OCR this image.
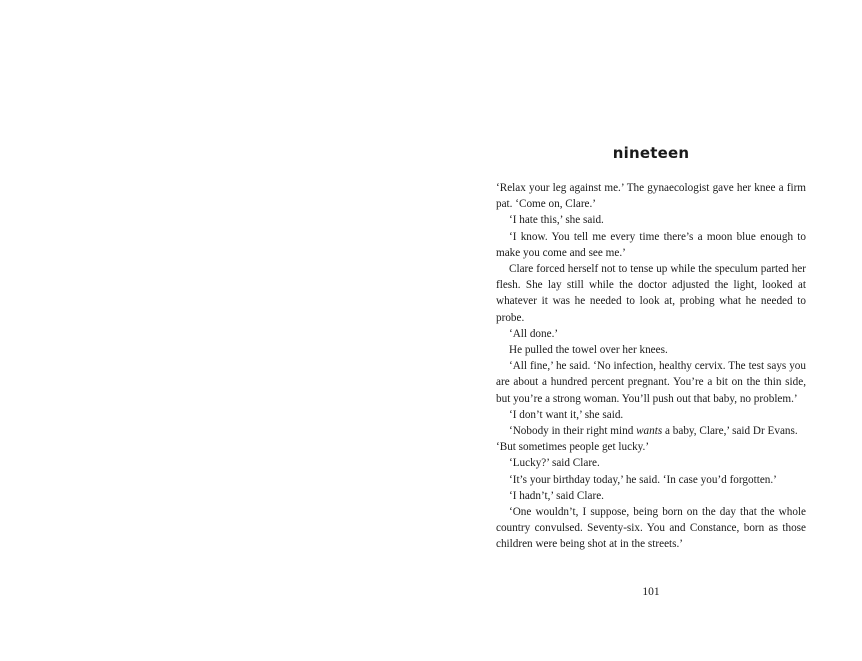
nineteen

‘Relax your leg against me.’ The gynaecologist gave her knee a firm pat. ‘Come on, Clare.’

‘I hate this,’ she said.

‘I know. You tell me every time there’s a moon blue enough to make you come and see me.’

Clare forced herself not to tense up while the speculum parted her flesh. She lay still while the doctor adjusted the light, looked at whatever it was he needed to look at, probing what he needed to probe.

‘All done.’

He pulled the towel over her knees.

‘All fine,’ he said. ‘No infection, healthy cervix. The test says you are about a hundred percent pregnant. You’re a bit on the thin side, but you’re a strong woman. You’ll push out that baby, no problem.’

‘I don’t want it,’ she said.

‘Nobody in their right mind wants a baby, Clare,’ said Dr Evans.

‘But sometimes people get lucky.’

‘Lucky?’ said Clare.

‘It’s your birthday today,’ he said. ‘In case you’d forgotten.’

‘I hadn’t,’ said Clare.

‘One wouldn’t, I suppose, being born on the day that the whole country convulsed. Seventy-six. You and Constance, born as those children were being shot at in the streets.’

101
